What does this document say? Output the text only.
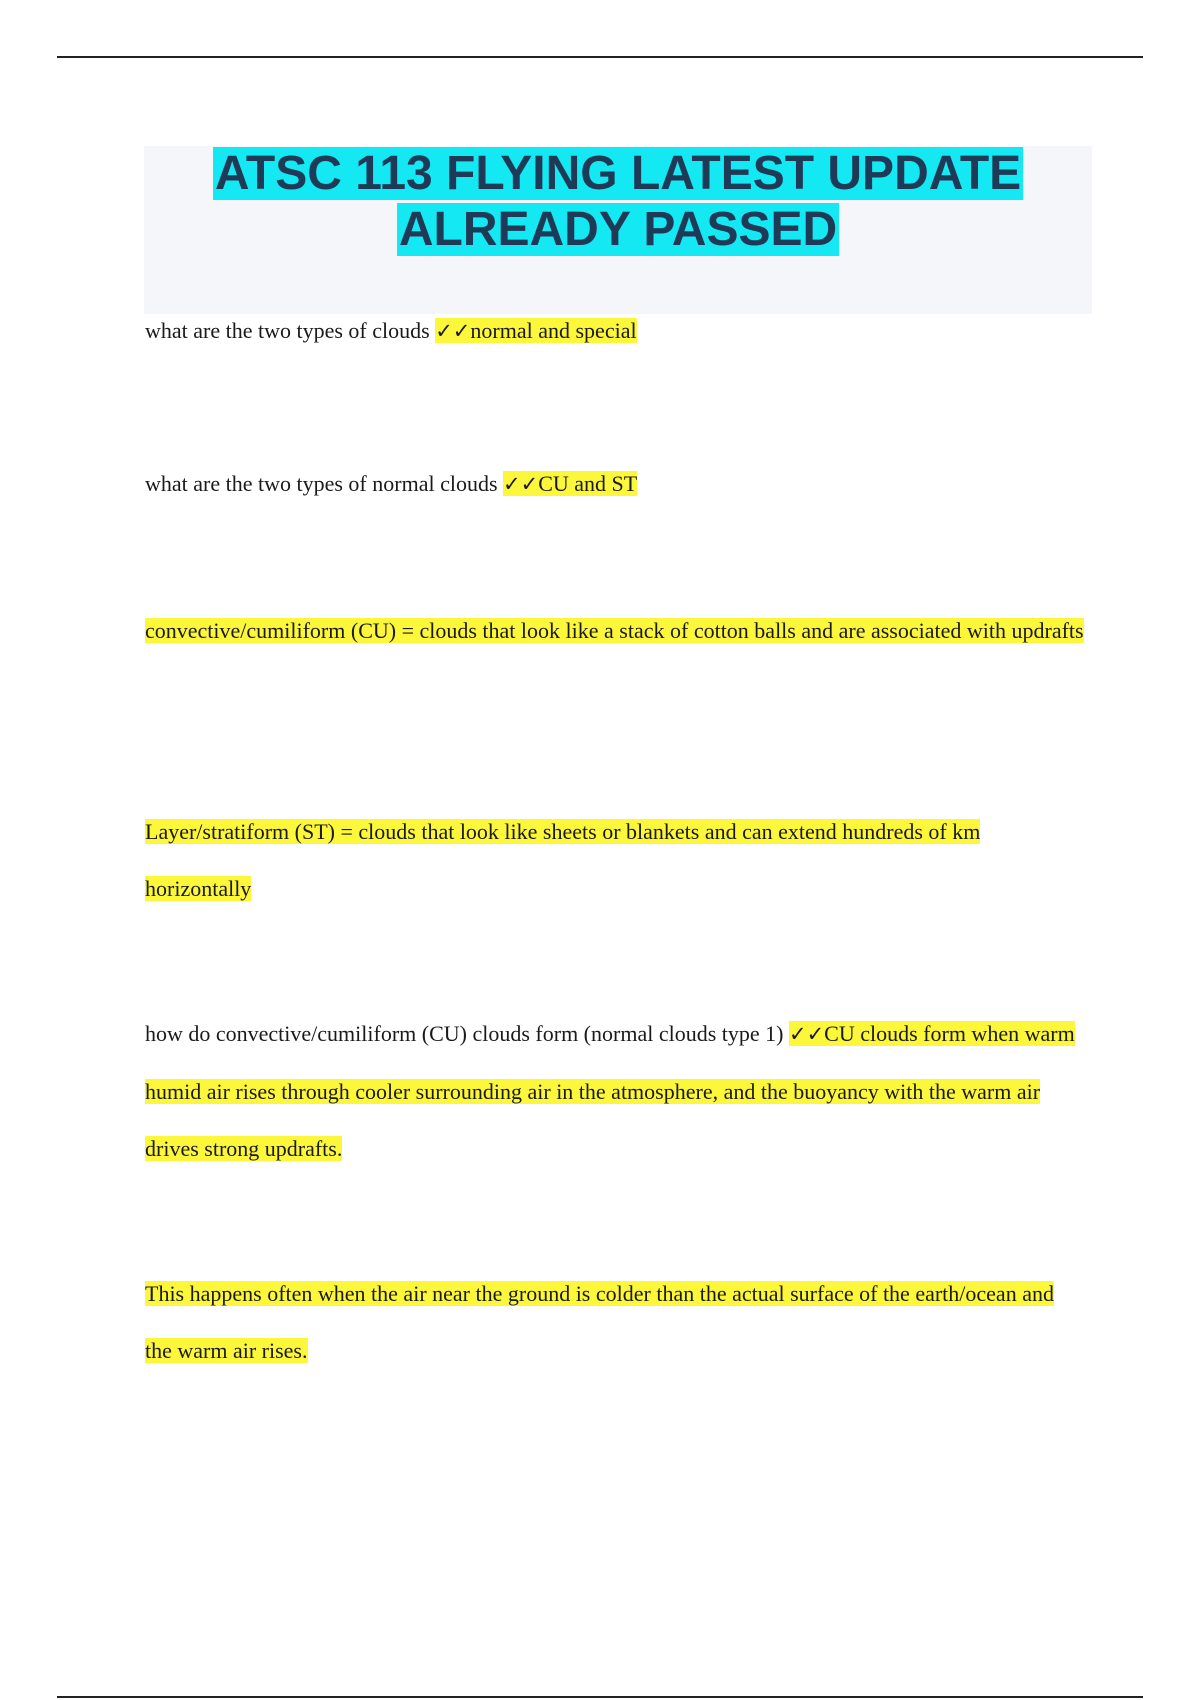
ATSC 113 FLYING LATEST UPDATE
ALREADY PASSED
what are the two types of clouds ✓✓normal and special
what are the two types of normal clouds ✓✓CU and ST
convective/cumiliform (CU) = clouds that look like a stack of cotton balls and are associated with updrafts
Layer/stratiform (ST) = clouds that look like sheets or blankets and can extend hundreds of km horizontally
how do convective/cumiliform (CU) clouds form (normal clouds type 1) ✓✓CU clouds form when warm humid air rises through cooler surrounding air in the atmosphere, and the buoyancy with the warm air drives strong updrafts.
This happens often when the air near the ground is colder than the actual surface of the earth/ocean and the warm air rises.
